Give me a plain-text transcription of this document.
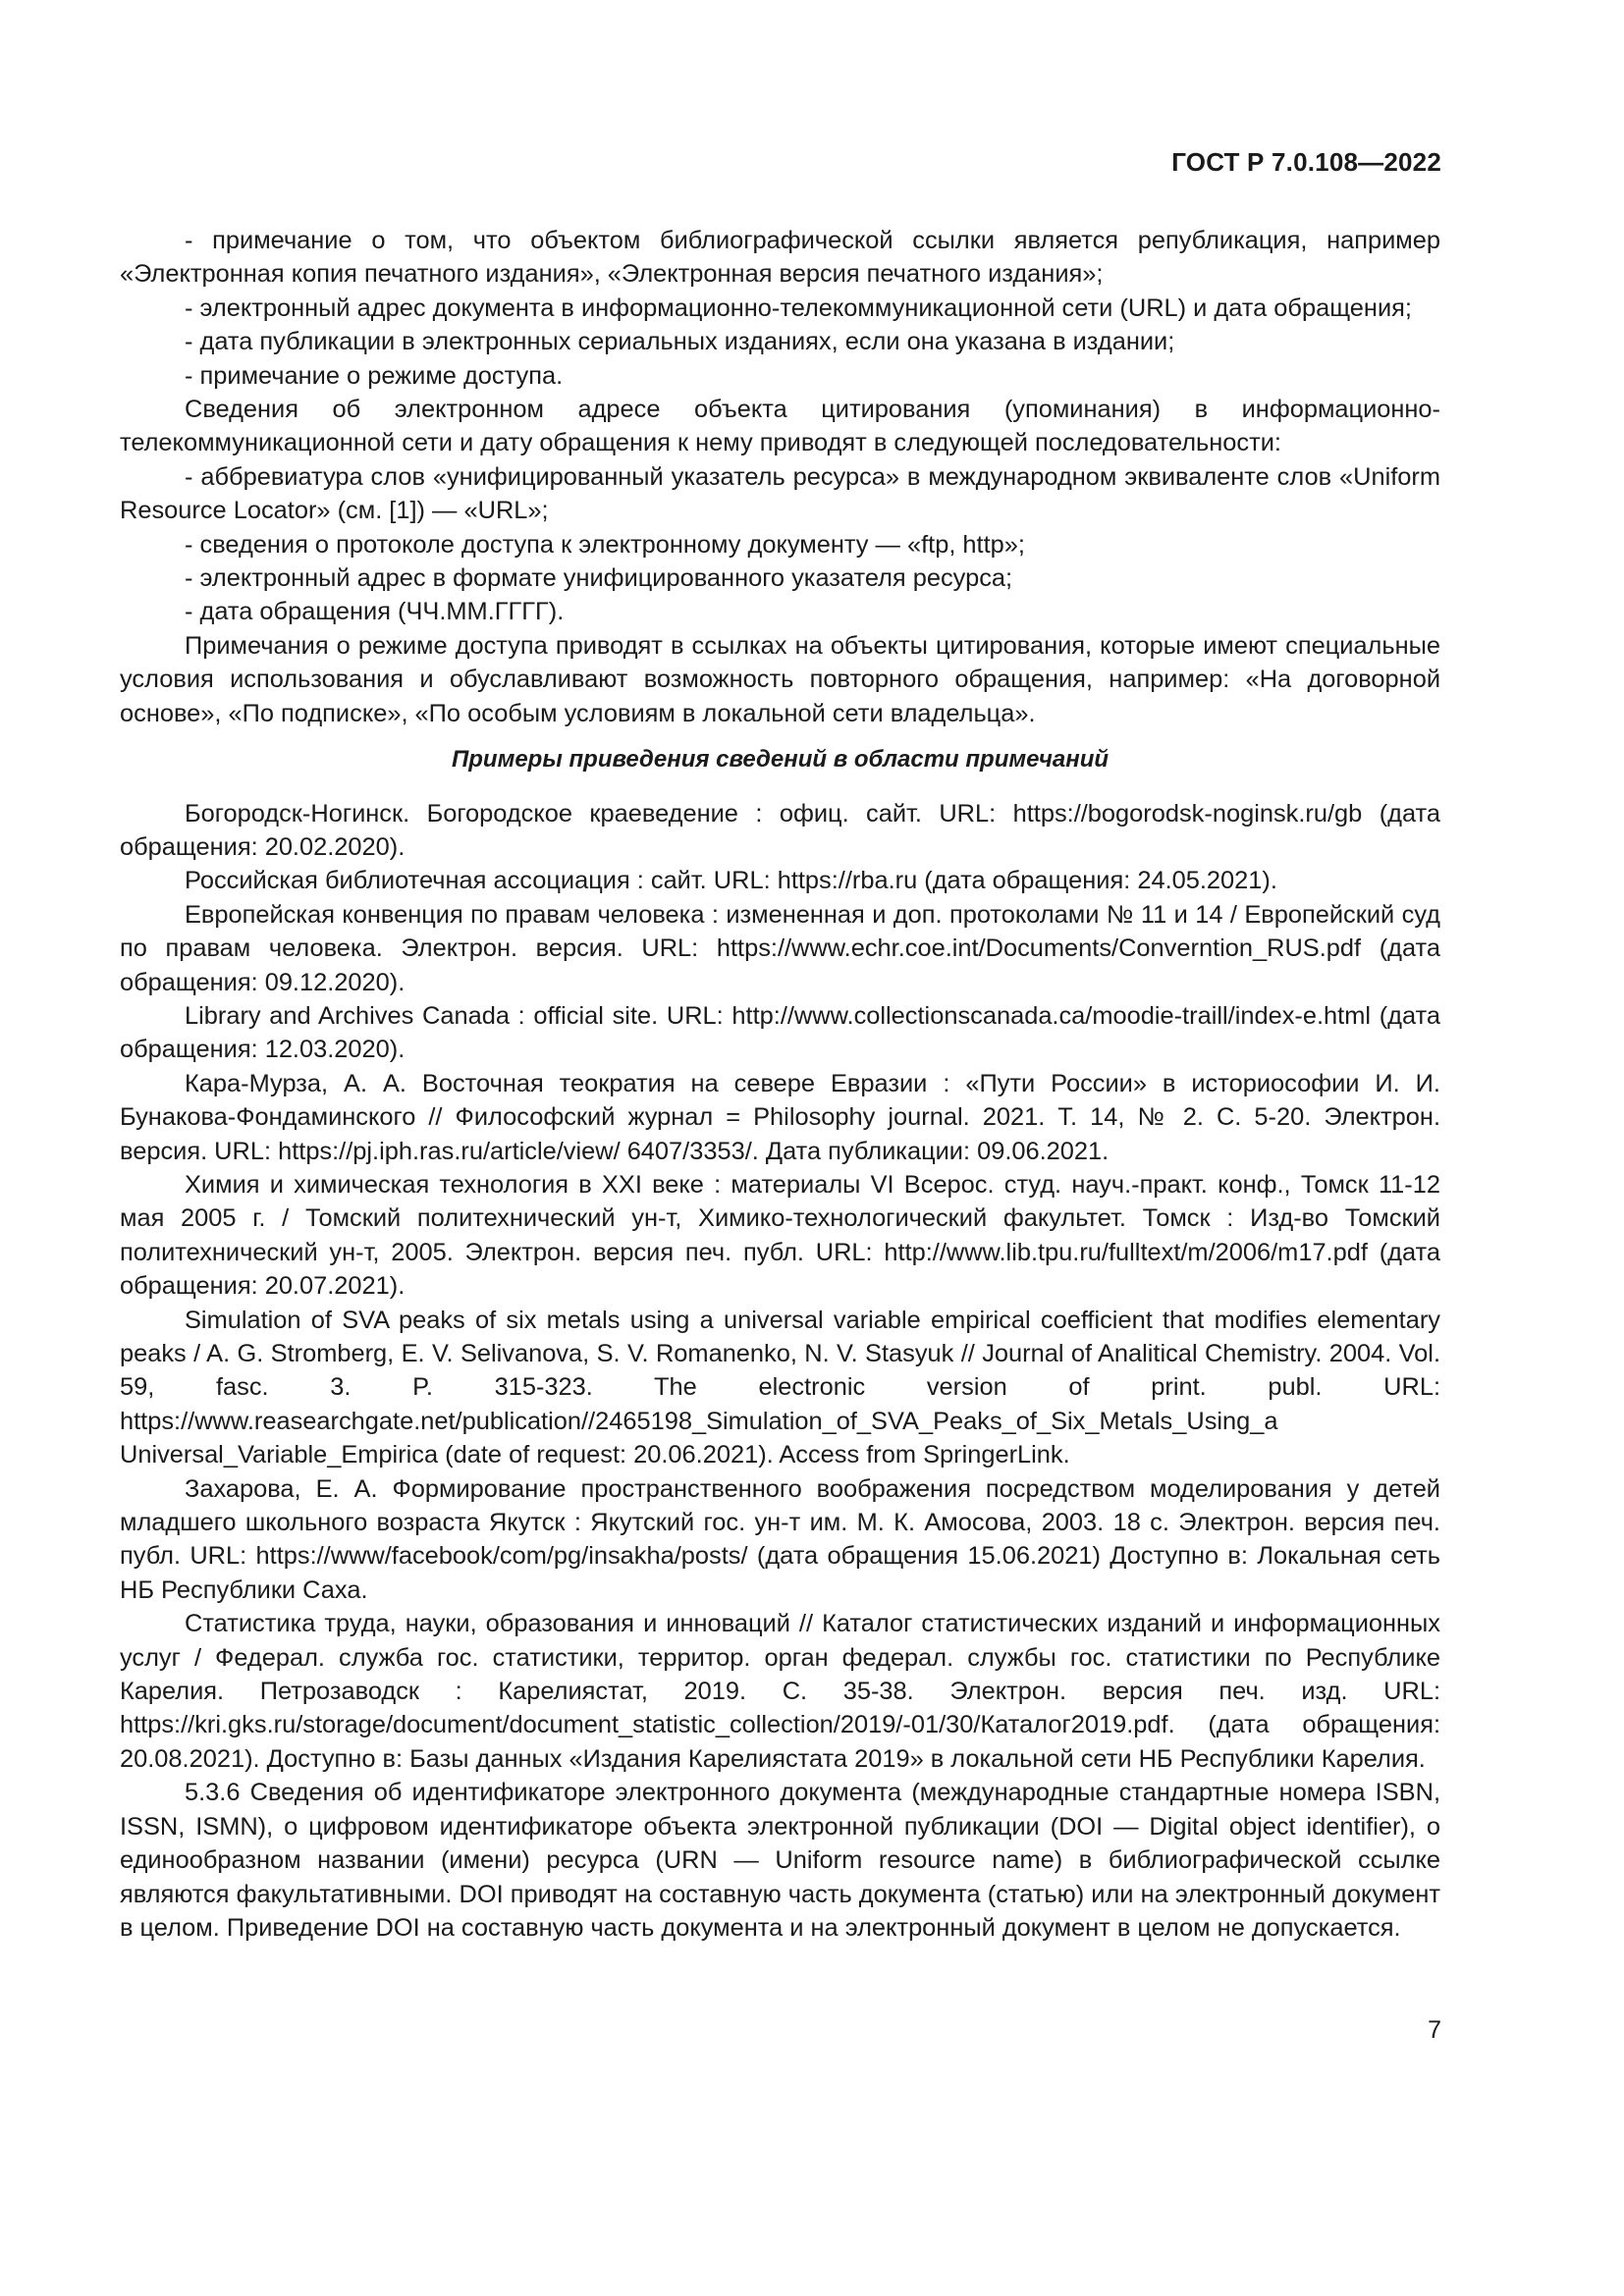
ГОСТ Р 7.0.108—2022

- примечание о том, что объектом библиографической ссылки является републикация, например «Электронная копия печатного издания», «Электронная версия печатного издания»;

- электронный адрес документа в информационно-телекоммуникационной сети (URL) и дата обращения;

- дата публикации в электронных сериальных изданиях, если она указана в издании;

- примечание о режиме доступа.

Сведения об электронном адресе объекта цитирования (упоминания) в информационно-телекоммуникационной сети и дату обращения к нему приводят в следующей последовательности:

- аббревиатура слов «унифицированный указатель ресурса» в международном эквиваленте слов «Uniform Resource Locator» (см. [1]) — «URL»;

- сведения о протоколе доступа к электронному документу — «ftp, http»;

- электронный адрес в формате унифицированного указателя ресурса;

- дата обращения (ЧЧ.ММ.ГГГГ).

Примечания о режиме доступа приводят в ссылках на объекты цитирования, которые имеют специальные условия использования и обуславливают возможность повторного обращения, например: «На договорной основе», «По подписке», «По особым условиям в локальной сети владельца».

Примеры приведения сведений в области примечаний

Богородск-Ногинск. Богородское краеведение : офиц. сайт. URL: https://bogorodsk-noginsk.ru/gb (дата обращения: 20.02.2020).

Российская библиотечная ассоциация : сайт. URL: https://rba.ru (дата обращения: 24.05.2021).

Европейская конвенция по правам человека : измененная и доп. протоколами № 11 и 14 / Европейский суд по правам человека. Электрон. версия. URL: https://www.echr.coe.int/Documents/Converntion_RUS.pdf (дата обращения: 09.12.2020).

Library and Archives Canada : official site. URL: http://www.collectionscanada.ca/moodie-traill/index-e.html (дата обращения: 12.03.2020).

Кара-Мурза, А. А. Восточная теократия на севере Евразии : «Пути России» в историософии И. И. Бунакова-Фондаминского // Философский журнал = Philosophy journal. 2021. Т. 14, № 2. С. 5-20. Электрон. версия. URL: https://pj.iph.ras.ru/article/view/ 6407/3353/. Дата публикации: 09.06.2021.

Химия и химическая технология в XXI веке : материалы VI Всерос. студ. науч.-практ. конф., Томск 11-12 мая 2005 г. / Томский политехнический ун-т, Химико-технологический факультет. Томск : Изд-во Томский политехнический ун-т, 2005. Электрон. версия печ. публ. URL: http://www.lib.tpu.ru/fulltext/m/2006/m17.pdf (дата обращения: 20.07.2021).

Simulation of SVA peaks of six metals using a universal variable empirical coefficient that modifies elementary peaks / A. G. Stromberg, E. V. Selivanova, S. V. Romanenko, N. V. Stasyuk // Journal of Analitical Chemistry. 2004. Vol. 59, fasc. 3. P. 315-323. The electronic version of print. publ. URL: https://www.reasearchgate.net/publication//2465198_Simulation_of_SVA_Peaks_of_Six_Metals_Using_a Universal_Variable_Empirica (date of request: 20.06.2021). Access from SpringerLink.

Захарова, Е. А. Формирование пространственного воображения посредством моделирования у детей младшего школьного возраста Якутск : Якутский гос. ун-т им. М. К. Амосова, 2003. 18 с. Электрон. версия печ. публ. URL: https://www/facebook/com/pg/insakha/posts/ (дата обращения 15.06.2021) Доступно в: Локальная сеть НБ Республики Саха.

Статистика труда, науки, образования и инноваций // Каталог статистических изданий и информационных услуг / Федерал. служба гос. статистики, территор. орган федерал. службы гос. статистики по Республике Карелия. Петрозаводск : Карелиястат, 2019. С. 35-38. Электрон. версия печ. изд. URL: https://kri.gks.ru/storage/document/document_statistic_collection/2019/-01/30/Каталог2019.pdf. (дата обращения: 20.08.2021). Доступно в: Базы данных «Издания Карелиястата 2019» в локальной сети НБ Республики Карелия.

5.3.6 Сведения об идентификаторе электронного документа (международные стандартные номера ISBN, ISSN, ISMN), о цифровом идентификаторе объекта электронной публикации (DOI — Digital object identifier), о единообразном названии (имени) ресурса (URN — Uniform resource name) в библиографической ссылке являются факультативными. DOI приводят на составную часть документа (статью) или на электронный документ в целом. Приведение DOI на составную часть документа и на электронный документ в целом не допускается.

7
